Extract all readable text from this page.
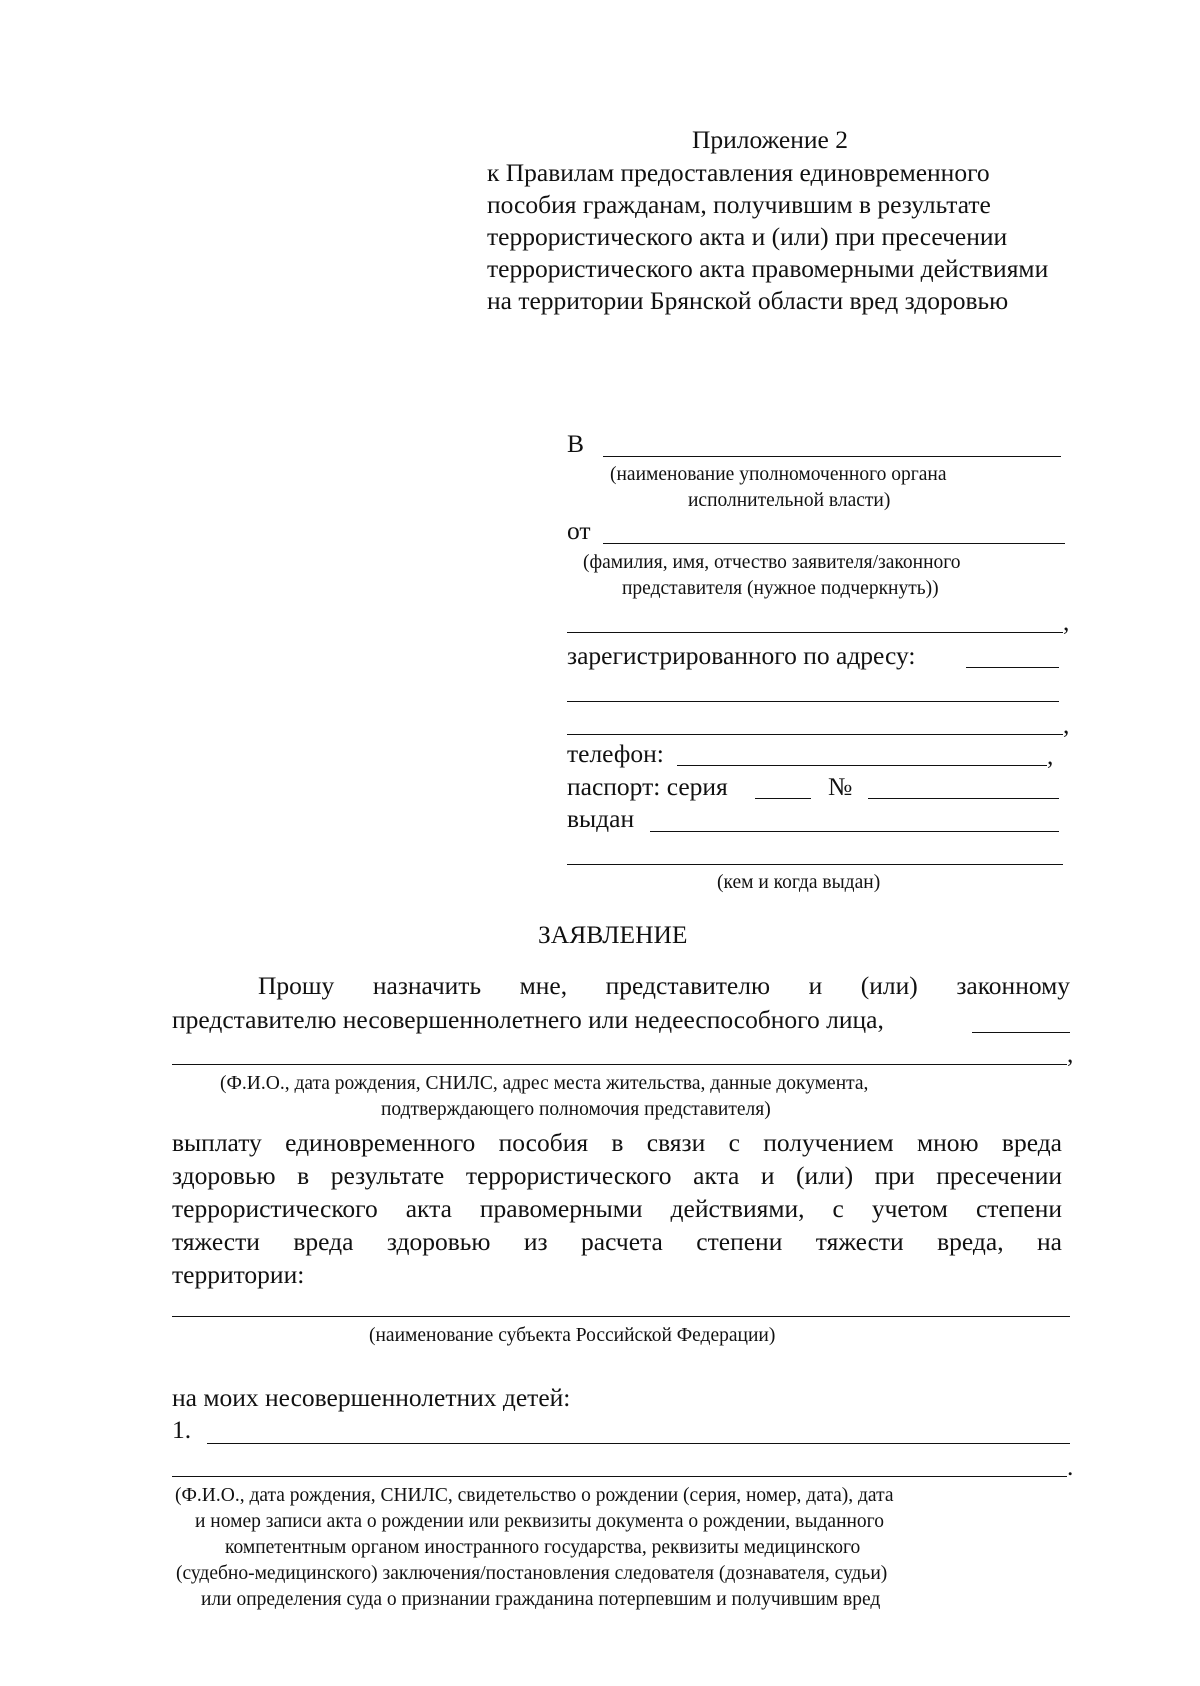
Приложение 2
к Правилам предоставления единовременного
пособия гражданам, получившим в результате
террористического акта и (или) при пресечении
террористического акта правомерными действиями
на территории Брянской области вред здоровью
В
(наименование уполномоченного органа
исполнительной власти)
от
(фамилия, имя, отчество заявителя/законного
представителя (нужное подчеркнуть))
,
зарегистрированного по адресу:
,
телефон:	,
паспорт: серия	№
выдан
(кем и когда выдан)
ЗАЯВЛЕНИЕ
Прошу назначить мне, представителю и (или) законному
представителю несовершеннолетнего или недееспособного лица,
,
(Ф.И.О., дата рождения, СНИЛС, адрес места жительства, данные документа,
подтверждающего полномочия представителя)
выплату единовременного пособия в связи с получением мною вреда
здоровью в результате террористического акта и (или) при пресечении
террористического акта правомерными действиями, с учетом степени
тяжести вреда здоровью из расчета степени тяжести вреда, на
территории:
(наименование субъекта Российской Федерации)
на моих несовершеннолетних детей:
1.
.
(Ф.И.О., дата рождения, СНИЛС, свидетельство о рождении (серия, номер, дата), дата
и номер записи акта о рождении или реквизиты документа о рождении, выданного
компетентным органом иностранного государства, реквизиты медицинского
(судебно-медицинского) заключения/постановления следователя (дознавателя, судьи)
или определения суда о признании гражданина потерпевшим и получившим вред
